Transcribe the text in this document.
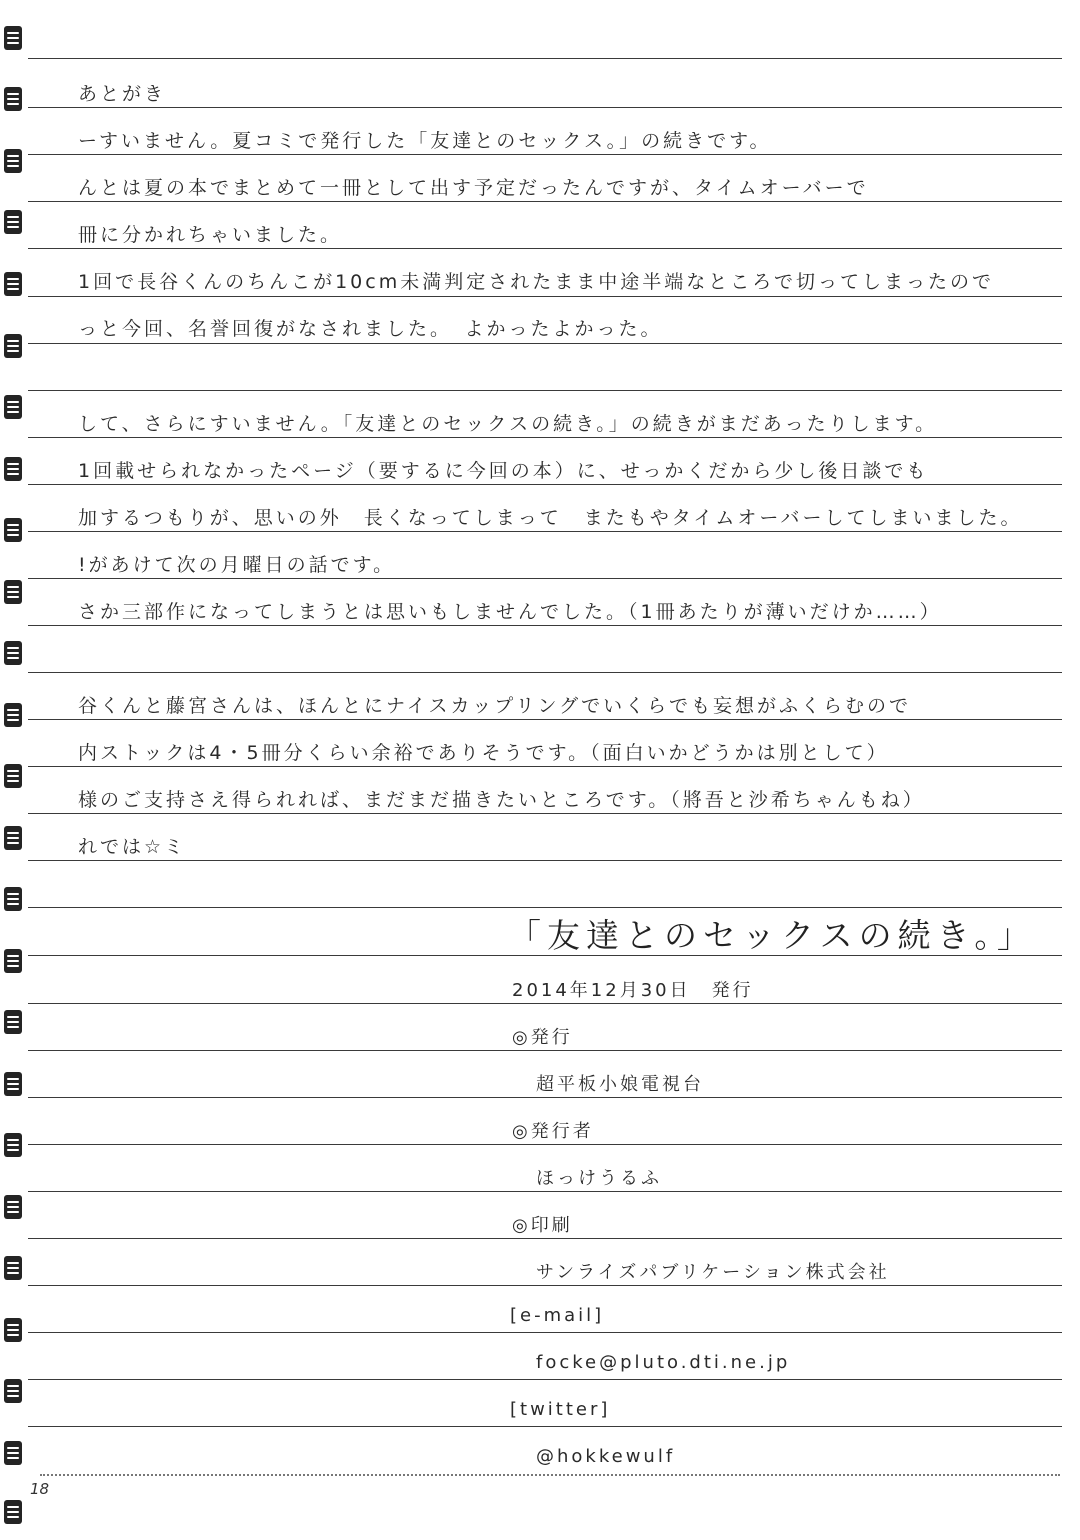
あとがき
ーすいません。夏コミで発行した「友達とのセックス。」の続きです。
んとは夏の本でまとめて一冊として出す予定だったんですが、タイムオーバーで
冊に分かれちゃいました。
1回で長谷くんのちんこが10cm未満判定されたまま中途半端なところで切ってしまったので
っと今回、名誉回復がなされました。　よかったよかった。
して、さらにすいません。「友達とのセックスの続き。」の続きがまだあったりします。
1回載せられなかったページ（要するに今回の本）に、せっかくだから少し後日談でも
加するつもりが、思いの外　長くなってしまって　またもやタイムオーバーしてしまいました。
!があけて次の月曜日の話です。
さか三部作になってしまうとは思いもしませんでした。（1冊あたりが薄いだけか……）
谷くんと藤宮さんは、ほんとにナイスカップリングでいくらでも妄想がふくらむので
内ストックは4・5冊分くらい余裕でありそうです。（面白いかどうかは別として）
様のご支持さえ得られれば、まだまだ描きたいところです。（將吾と沙希ちゃんもね）
れでは☆ミ
「友達とのセックスの続き。」
2014年12月30日　発行
◎発行
超平板小娘電視台
◎発行者
ほっけうるふ
◎印刷
サンライズパブリケーション株式会社
[e-mail]
focke@pluto.dti.ne.jp
[twitter]
@hokkewulf
18
